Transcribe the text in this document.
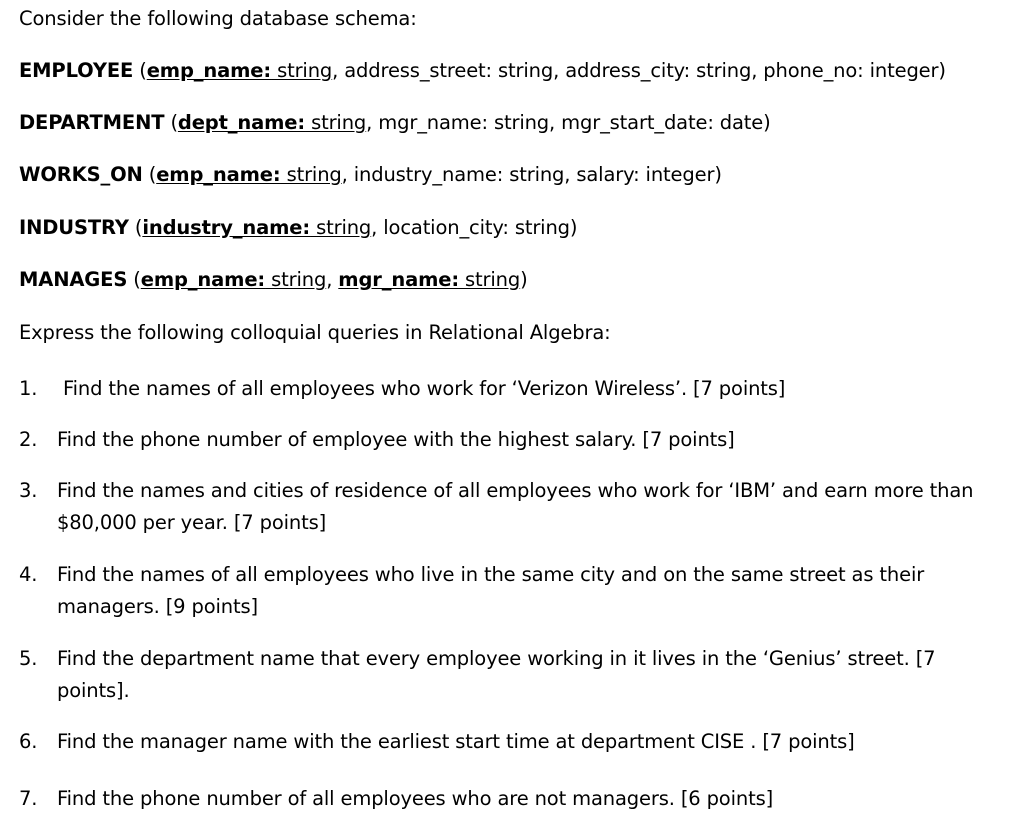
Consider the following database schema:
EMPLOYEE (emp_name: string, address_street: string, address_city: string, phone_no: integer)
DEPARTMENT (dept_name: string, mgr_name: string, mgr_start_date: date)
WORKS_ON (emp_name: string, industry_name: string, salary: integer)
INDUSTRY (industry_name: string, location_city: string)
MANAGES (emp_name: string, mgr_name: string)
Express the following colloquial queries in Relational Algebra:
1. Find the names of all employees who work for ‘Verizon Wireless’. [7 points]
2. Find the phone number of employee with the highest salary. [7 points]
3. Find the names and cities of residence of all employees who work for ‘IBM’ and earn more than $80,000 per year. [7 points]
4. Find the names of all employees who live in the same city and on the same street as their managers. [9 points]
5. Find the department name that every employee working in it lives in the ‘Genius’ street. [7 points].
6. Find the manager name with the earliest start time at department CISE . [7 points]
7. Find the phone number of all employees who are not managers. [6 points]
